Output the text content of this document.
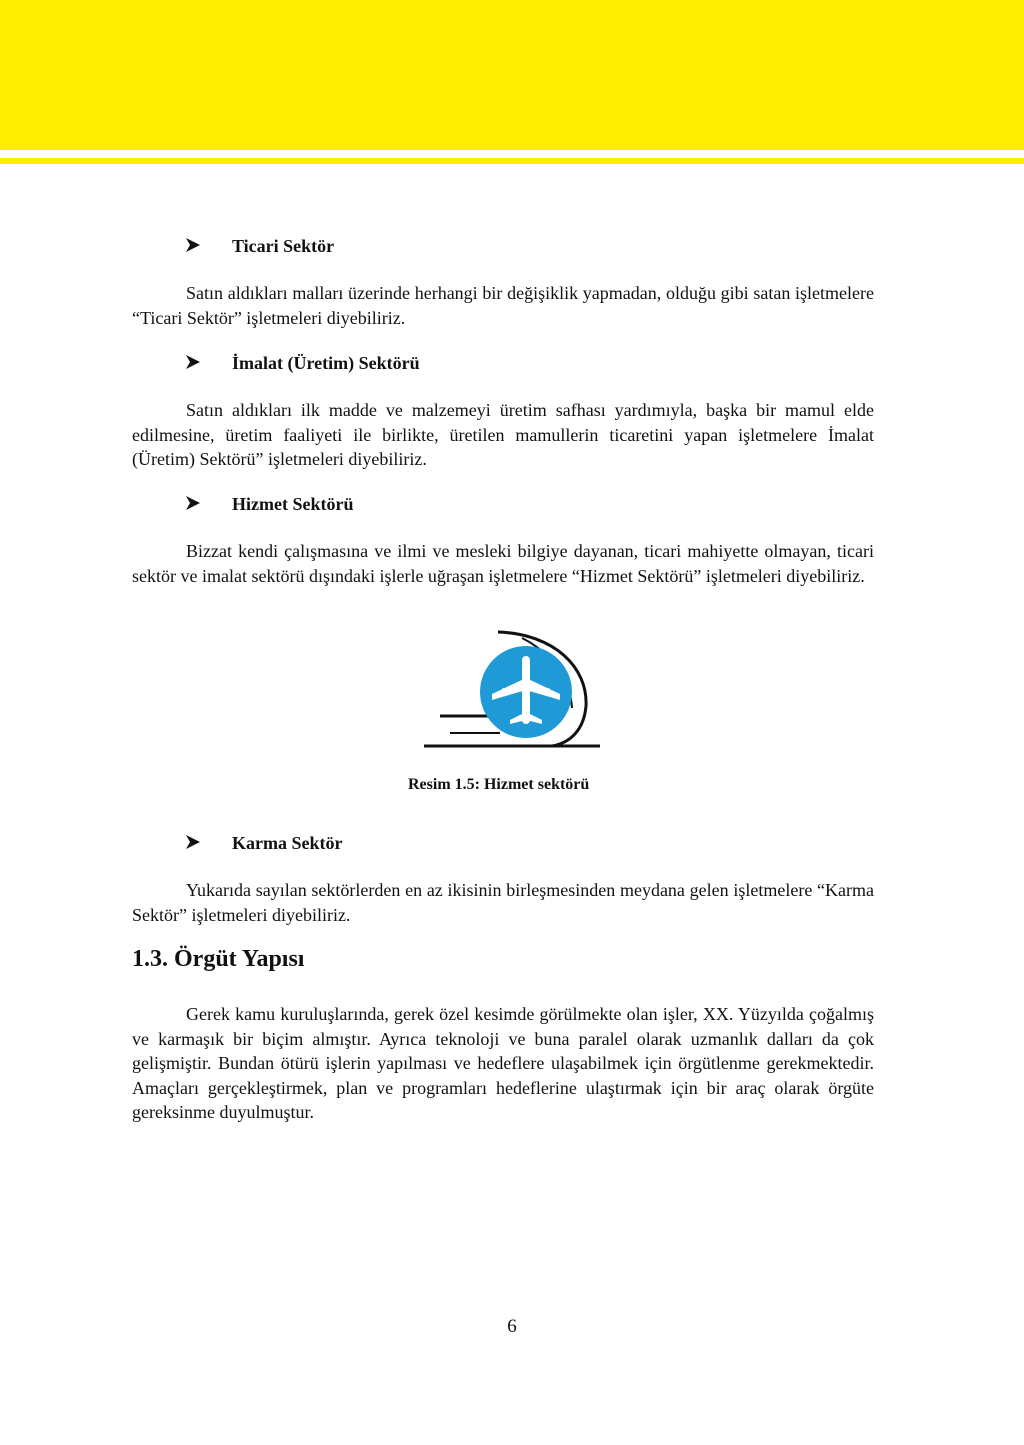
Ticari Sektör

Satın aldıkları malları üzerinde herhangi bir değişiklik yapmadan, olduğu gibi satan işletmelere “Ticari Sektör” işletmeleri diyebiliriz.

İmalat (Üretim) Sektörü

Satın aldıkları ilk madde ve malzemeyi üretim safhası yardımıyla, başka bir mamul elde edilmesine, üretim faaliyeti ile birlikte, üretilen mamullerin ticaretini yapan işletmelere İmalat (Üretim) Sektörü” işletmeleri diyebiliriz.

Hizmet Sektörü

Bizzat kendi çalışmasına ve ilmi ve mesleki bilgiye dayanan, ticari mahiyette olmayan, ticari sektör ve imalat sektörü dışındaki işlerle uğraşan işletmelere “Hizmet Sektörü” işletmeleri diyebiliriz.

Resim 1.5: Hizmet sektörü
Karma Sektör

Yukarıda sayılan sektörlerden en az ikisinin birleşmesinden meydana gelen işletmelere “Karma Sektör” işletmeleri diyebiliriz.

1.3. Örgüt Yapısı

Gerek kamu kuruluşlarında, gerek özel kesimde görülmekte olan işler, XX. Yüzyılda çoğalmış ve karmaşık bir biçim almıştır. Ayrıca teknoloji ve buna paralel olarak uzmanlık dalları da çok gelişmiştir. Bundan ötürü işlerin yapılması ve hedeflere ulaşabilmek için örgütlenme gerekmektedir. Amaçları gerçekleştirmek, plan ve programları hedeflerine ulaştırmak için bir araç olarak örgüte gereksinme duyulmuştur.

6
